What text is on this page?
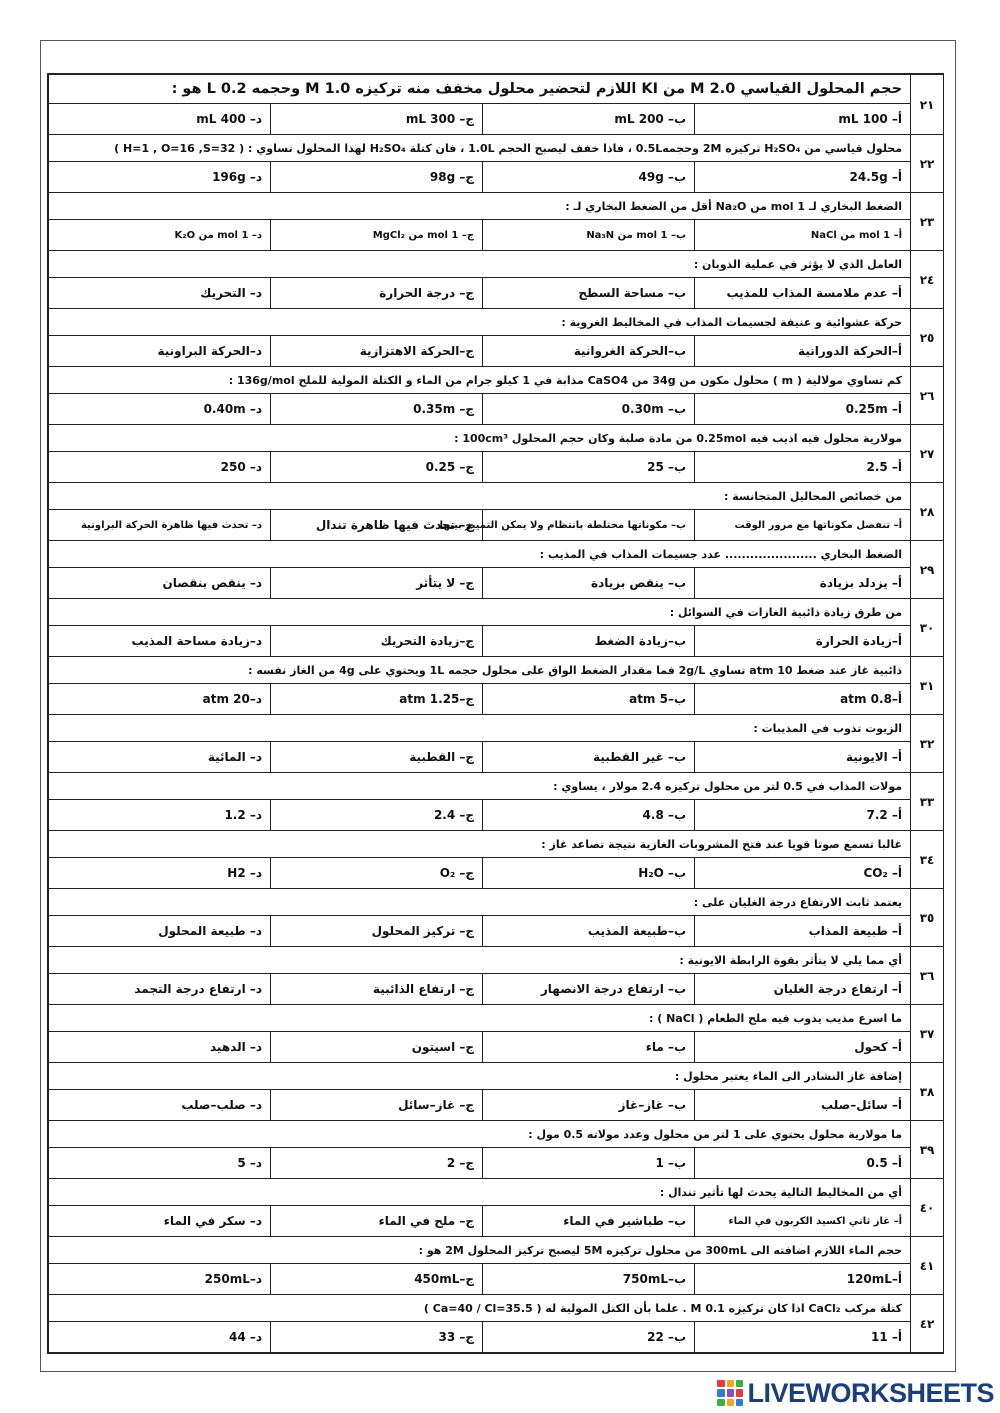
٢١	حجم المحلول القياسي 2.0 M من KI اللازم لتحضير محلول مخفف منه تركيزه 1.0 M وحجمه 0.2 L هو :			
	أ– 100 mL	ب– 200 mL	ج– 300 mL	د– 400 mL
٢٢	محلول قياسي من H₂SO₄ تركيزه 2M وحجمه0.5L ، فاذا خفف ليصبح الحجم 1.0L ، فان كتلة H₂SO₄ لهذا المحلول تساوي : ( H=1 , O=16 ,S=32 )			
	أ– 24.5g	ب– 49g	ج– 98g	د– 196g
٢٣	الضغط البخاري لـ 1 mol من Na₂O أقل من الضغط البخاري لـ :			
	أ– 1 mol من NaCl	ب– 1 mol من Na₃N	ج– 1 mol من MgCl₂	د– 1 mol من K₂O
٢٤	العامل الذي لا يؤثر في عملية الذوبان :			
	أ– عدم ملامسة المذاب للمذيب	ب– مساحة السطح	ج– درجة الحرارة	د– التحريك
٢٥	حركة عشوائية و عنيفة لجسيمات المذاب في المخاليط الغروية :			
	أ–الحركة الدورانية	ب–الحركة الغروانية	ج–الحركة الاهتزازية	د–الحركة البراونية
٢٦	كم تساوي مولالية ( m ) محلول مكون من 34g من CaSO4 مذابة في 1 كيلو جرام من الماء و الكتلة المولية للملح 136g/mol :			
	أ– 0.25m	ب– 0.30m	ج– 0.35m	د– 0.40m
٢٧	مولارية محلول فيه اذيب فيه 0.25mol من مادة صلبة وكان حجم المحلول 100cm³ :			
	أ– 2.5	ب– 25	ج– 0.25	د– 250
٢٨	من خصائص المحاليل المتجانسة :			
	أ– تنفصل مكوناتها مع مرور الوقت	ب– مكوناتها مختلطة بانتظام ولا يمكن التمييز بينها	ج– تحدث فيها ظاهرة تندال	د– تحدث فيها ظاهرة الحركة البراونية
٢٩	الضغط البخاري ...................... عدد جسيمات المذاب في المذيب :			
	أ– يزدلد بزيادة	ب– ينقص بزيادة	ج– لا يتأثر	د– ينقص بنقصان
٣٠	من طرق زيادة ذائبية الغازات في السوائل :			
	أ–زيادة الحرارة	ب–زيادة الضغط	ج–زيادة التحريك	د–زيادة مساحة المذيب
٣١	ذائبية غاز عند ضغط 10 atm تساوي 2g/L فما مقدار الضغط الواق على محلول حجمه 1L ويحتوي على 4g من الغاز نفسه :			
	أ–0.8 atm	ب–5 atm	ج–1.25 atm	د–20 atm
٣٢	الزيوت تذوب في المذيبات :			
	أ– الايونية	ب– غير القطبية	ج– القطبية	د– المائية
٣٣	مولات المذاب في 0.5 لتر من محلول تركيزه 2.4 مولار ، يساوي :			
	أ– 7.2	ب– 4.8	ج– 2.4	د– 1.2
٣٤	غالبا تسمع صوتا قويا عند فتح المشروبات الغازية نتيجة تصاعد غاز :			
	أ– CO₂	ب– H₂O	ج– O₂	د– H2
٣٥	يعتمد ثابت الارتفاع درجة الغليان على :			
	أ– طبيعة المذاب	ب–طبيعة المذيب	ج– تركيز المحلول	د– طبيعة المحلول
٣٦	أي مما يلي لا يتأثر بقوة الرابطة الايونية :			
	أ– ارتفاع درجة الغليان	ب– ارتفاع درجة الانصهار	ج– ارتفاع الذائبية	د– ارتفاع درجة التجمد
٣٧	ما اسرع مذيب يذوب فيه ملح الطعام ( NaCl ) :			
	أ– كحول	ب– ماء	ج– اسيتون	د– الدهيد
٣٨	إضافة غاز النشادر الى الماء يعتبر محلول :			
	أ– سائل–صلب	ب– غاز–غاز	ج– غاز–سائل	د– صلب–صلب
٣٩	ما مولارية محلول يحتوي على 1 لتر من محلول وعدد مولاته 0.5 مول :			
	أ– 0.5	ب– 1	ج– 2	د– 5
٤٠	أي من المخاليط التالية يحدث لها تأثير تندال :			
	أ– غاز ثاني اكسيد الكربون في الماء	ب– طباشير في الماء	ج– ملح في الماء	د– سكر في الماء
٤١	حجم الماء اللازم اضافته الى 300mL من محلول تركيزه 5M ليصبح تركيز المحلول 2M هو :			
	أ–120mL	ب–750mL	ج–450mL	د–250mL
٤٢	كتلة مركب CaCl₂ اذا كان تركيزه 0.1 M . علما بأن الكتل المولية له ( Ca=40 / Cl=35.5 )			
	أ– 11	ب– 22	ج– 33	د– 44
LIVEWORKSHEETS
